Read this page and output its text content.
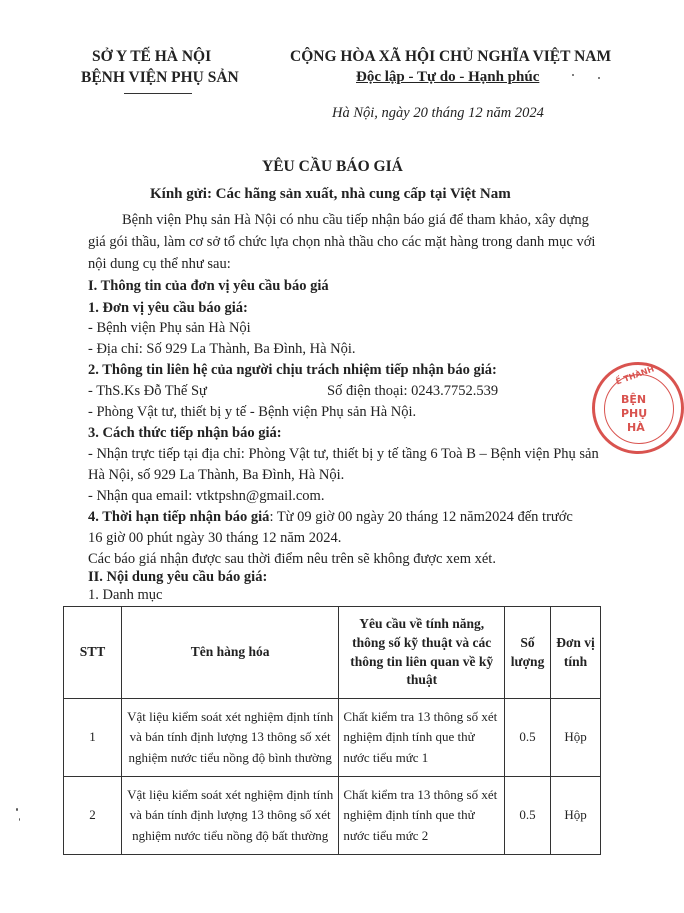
SỞ Y TẾ HÀ NỘI
BỆNH VIỆN PHỤ SẢN
CỘNG HÒA XÃ HỘI CHỦ NGHĨA VIỆT NAM
Độc lập - Tự do - Hạnh phúc
Hà Nội, ngày 20 tháng 12 năm 2024
YÊU CẦU BÁO GIÁ
Kính gửi: Các hãng sản xuất, nhà cung cấp tại Việt Nam
Bệnh viện Phụ sản Hà Nội có nhu cầu tiếp nhận báo giá để tham khảo, xây dựng
giá gói thầu, làm cơ sở tổ chức lựa chọn nhà thầu cho các mặt hàng trong danh mục với
nội dung cụ thể như sau:
I. Thông tin của đơn vị yêu cầu báo giá
1. Đơn vị yêu cầu báo giá:
- Bệnh viện Phụ sản Hà Nội
- Địa chỉ: Số 929 La Thành, Ba Đình, Hà Nội.
2. Thông tin liên hệ của người chịu trách nhiệm tiếp nhận báo giá:
- ThS.Ks Đỗ Thế Sự	Số điện thoại: 0243.7752.539
- Phòng Vật tư, thiết bị y tế - Bệnh viện Phụ sản Hà Nội.
3. Cách thức tiếp nhận báo giá:
- Nhận trực tiếp tại địa chỉ: Phòng Vật tư, thiết bị y tế tầng 6 Toà B – Bệnh viện Phụ sản
Hà Nội, số 929 La Thành, Ba Đình, Hà Nội.
- Nhận qua email: vtktpshn@gmail.com.
4. Thời hạn tiếp nhận báo giá: Từ 09 giờ 00 ngày 20 tháng 12 năm2024 đến trước
16 giờ 00 phút ngày 30 tháng 12 năm 2024.
Các báo giá nhận được sau thời điểm nêu trên sẽ không được xem xét.
II. Nội dung yêu cầu báo giá:
STT	Tên hàng hóa	Yêu cầu về tính năng, thông số kỹ thuật và các thông tin liên quan về kỹ thuật	Số lượng	Đơn vị tính
1	Vật liệu kiểm soát xét nghiệm định tính và bán tính định lượng 13 thông số xét nghiệm nước tiểu nồng độ bình thường	Chất kiểm tra 13 thông số xét nghiệm định tính que thử nước tiểu mức 1	0.5	Hộp
2	Vật liệu kiểm soát xét nghiệm định tính và bán tính định lượng 13 thông số xét nghiệm nước tiểu nồng độ bất thường	Chất kiểm tra 13 thông số xét nghiệm định tính que thử nước tiểu mức 2	0.5	Hộp
1. Danh mục
Ế THÀNH
BỆN
PHỤ
HÀ
